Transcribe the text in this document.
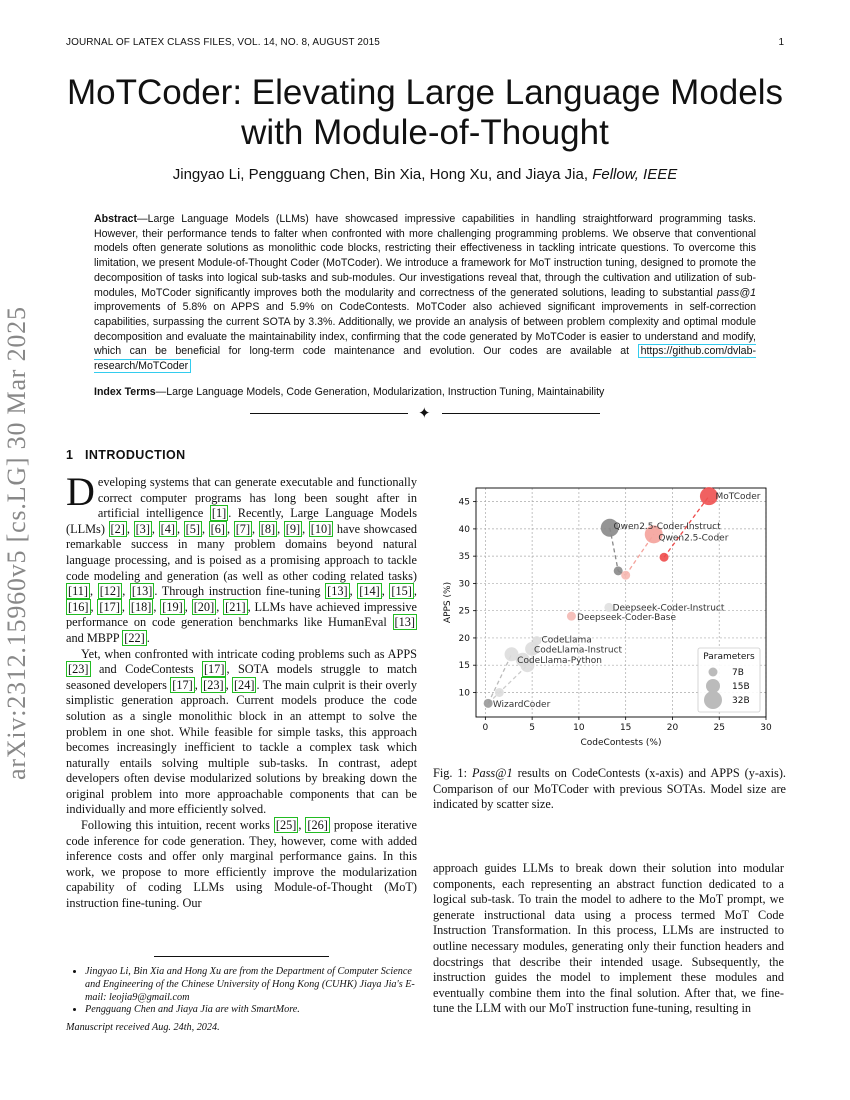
JOURNAL OF LATEX CLASS FILES, VOL. 14, NO. 8, AUGUST 2015	1
MoTCoder: Elevating Large Language Models with Module-of-Thought
Jingyao Li, Pengguang Chen, Bin Xia, Hong Xu, and Jiaya Jia, Fellow, IEEE
Abstract—Large Language Models (LLMs) have showcased impressive capabilities in handling straightforward programming tasks. However, their performance tends to falter when confronted with more challenging programming problems. We observe that conventional models often generate solutions as monolithic code blocks, restricting their effectiveness in tackling intricate questions. To overcome this limitation, we present Module-of-Thought Coder (MoTCoder). We introduce a framework for MoT instruction tuning, designed to promote the decomposition of tasks into logical sub-tasks and sub-modules. Our investigations reveal that, through the cultivation and utilization of sub-modules, MoTCoder significantly improves both the modularity and correctness of the generated solutions, leading to substantial pass@1 improvements of 5.8% on APPS and 5.9% on CodeContests. MoTCoder also achieved significant improvements in self-correction capabilities, surpassing the current SOTA by 3.3%. Additionally, we provide an analysis of between problem complexity and optimal module decomposition and evaluate the maintainability index, confirming that the code generated by MoTCoder is easier to understand and modify, which can be beneficial for long-term code maintenance and evolution. Our codes are available at https://github.com/dvlab-research/MoTCoder
Index Terms—Large Language Models, Code Generation, Modularization, Instruction Tuning, Maintainability
✦
1 INTRODUCTION
arXiv:2312.15960v5 [cs.LG] 30 Mar 2025 Developing systems that can generate executable and functionally correct computer programs has long been sought after in artificial intelligence [1] . Recently, Large Language Models (LLMs) [2] , [3] , [4] , [5] , [6] , [7] , [8] , [9] , [10] have showcased remarkable success in many problem domains beyond natural language processing, and is poised as a promising approach to tackle code modeling and generation (as well as other coding related tasks) [11] , [12] , [13] . Through instruction fine-tuning [13] , [14] , [15] , [16] , [17] , [18] , [19] , [20] , [21] , LLMs have achieved impressive performance on code generation benchmarks like HumanEval [13] and MBPP [22] .

Yet, when confronted with intricate coding problems such as APPS [23] and CodeContests [17] , SOTA models struggle to match seasoned developers [17] , [23] , [24] . The main culprit is their overly simplistic generation approach. Current models produce the code solution as a single monolithic block in an attempt to solve the problem in one shot. While feasible for simple tasks, this approach becomes increasingly inefficient to tackle a complex task which naturally entails solving multiple sub-tasks. In contrast, adept developers often devise modularized solutions by breaking down the original problem into more approachable components that can be individually and more efficiently solved.

Following this intuition, recent works [25] , [26] propose iterative code inference for code generation. They, however, come with added inference costs and offer only marginal performance gains. In this work, we propose to more efficiently improve the modularization capability of coding LLMs using Module-of-Thought (MoT) instruction fine-tuning. Our

• Jingyao Li, Bin Xia and Hong Xu are from the Department of Computer Science and Engineering of the Chinese University of Hong Kong (CUHK) Jiaya Jia's E-mail: leojia9@gmail.com
• Pengguang Chen and Jiaya Jia are with SmartMore.
Manuscript received Aug. 24th, 2024.
0	5	10	15	20	25	30
10
15
20
25
30
35
40
45
CodeContests (%)
APPS (%)
MoTCoder
Qwen2.5-Coder-Instruct
Qwen2.5-Coder
Deepseek-Coder-Instruct
Deepseek-Coder-Base
CodeLlama
CodeLlama-Instruct
CodeLlama-Python
WizardCoder
Parameters
7B
15B
32B
Fig. 1: Pass@1 results on CodeContests (x-axis) and APPS (y-axis). Comparison of our MoTCoder with previous SOTAs. Model size are indicated by scatter size.

approach guides LLMs to break down their solution into modular components, each representing an abstract function dedicated to a logical sub-task. To train the model to adhere to the MoT prompt, we generate instructional data using a process termed MoT Code Instruction Transformation. In this process, LLMs are instructed to outline necessary modules, generating only their function headers and docstrings that describe their intended usage. Subsequently, the instruction guides the model to implement these modules and eventually combine them into the final solution. After that, we fine-tune the LLM with our MoT instruction fune-tuning, resulting in
